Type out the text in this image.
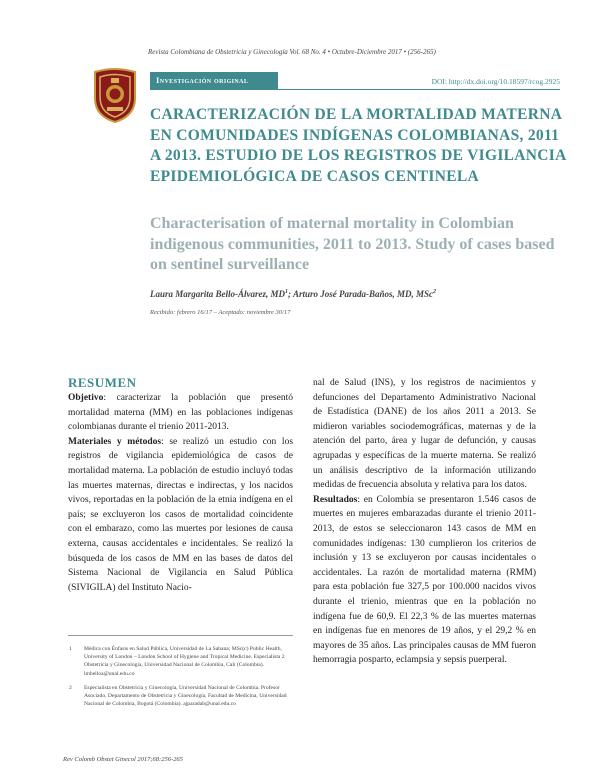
Revista Colombiana de Obstetricia y Ginecología Vol. 68 No. 4 • Octubre-Diciembre 2017 • (256-265)
Investigación original	DOI: http://dx.doi.org/10.18597/rcog.2925
CARACTERIZACIÓN DE LA MORTALIDAD MATERNA EN COMUNIDADES INDÍGENAS COLOMBIANAS, 2011 A 2013. ESTUDIO DE LOS REGISTROS DE VIGILANCIA EPIDEMIOLÓGICA DE CASOS CENTINELA
Characterisation of maternal mortality in Colombian indigenous communities, 2011 to 2013. Study of cases based on sentinel surveillance
Laura Margarita Bello-Álvarez, $MD^1$; Arturo José Parada-Baños, MD, MSc$^2$
Recibido: febrero 16/17 – Aceptado: noviembre 30/17
RESUMEN
Objetivo: caracterizar la población que presentó mortalidad materna (MM) en las poblaciones indígenas colombianas durante el trienio 2011-2013.
Materiales y métodos: se realizó un estudio con los registros de vigilancia epidemiológica de casos de mortalidad materna. La población de estudio incluyó todas las muertes maternas, directas e indirectas, y los nacidos vivos, reportadas en la población de la etnia indígena en el país; se excluyeron los casos de mortalidad coincidente con el embarazo, como las muertes por lesiones de causa externa, causas accidentales e incidentales. Se realizó la búsqueda de los casos de MM en las bases de datos del Sistema Nacional de Vigilancia en Salud Pública (SIVIGILA) del Instituto Nacio-
nal de Salud (INS), y los registros de nacimientos y defunciones del Departamento Administrativo Nacional de Estadística (DANE) de los años 2011 a 2013. Se midieron variables sociodemográficas, maternas y de la atención del parto, área y lugar de defunción, y causas agrupadas y específicas de la muerte materna. Se realizó un análisis descriptivo de la información utilizando medidas de frecuencia absoluta y relativa para los datos.
Resultados: en Colombia se presentaron 1.546 casos de muertes en mujeres embarazadas durante el trienio 2011-2013, de estos se seleccionaron 143 casos de MM en comunidades indígenas: 130 cumplieron los criterios de inclusión y 13 se excluyeron por causas incidentales o accidentales. La razón de mortalidad materna (RMM) para esta población fue 327,5 por 100.000 nacidos vivos durante el trienio, mientras que en la población no indígena fue de 60,9. El 22,3 % de las muertes maternas en indígenas fue en menores de 19 años, y el 29,2 % en mayores de 35 años. Las principales causas de MM fueron hemorragia posparto, eclampsia y sepsis puerperal.
1 Médica con Énfasis en Salud Pública, Universidad de La Sabana; MSc(c) Public Health, University of London – London School of Hygiene and Tropical Medicine. Especialista 2 Obstetricia y Ginecología, Universidad Nacional de Colombia, Cali (Colombia). lmbelloa@unal.edu.co
2 Especialista en Obstetricia y Ginecología, Universidad Nacional de Colombia. Profesor Asociado, Departamento de Obstetricia y Ginecología, Facultad de Medicina, Universidad Nacional de Colombia, Bogotá (Colombia). ajparadab@unal.edu.co
Rev Colomb Obstet Ginecol 2017;68:256-265
